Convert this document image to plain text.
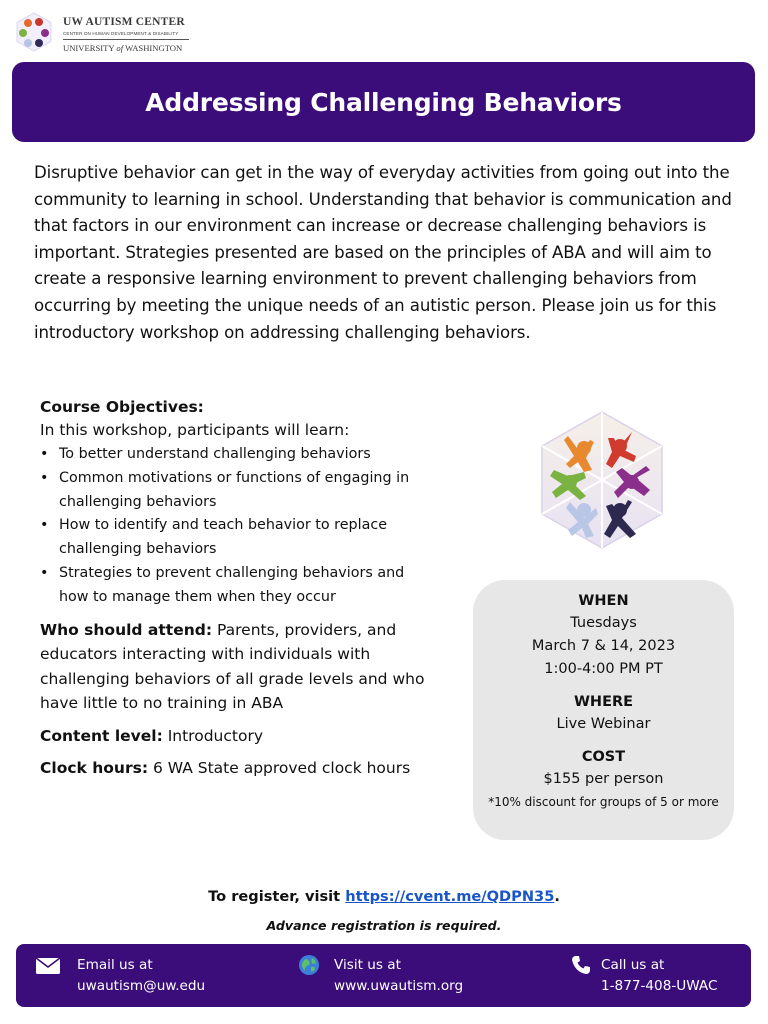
UW AUTISM CENTER
CENTER ON HUMAN DEVELOPMENT & DISABILITY
UNIVERSITY of WASHINGTON
Addressing Challenging Behaviors
Disruptive behavior can get in the way of everyday activities from going out into the community to learning in school. Understanding that behavior is communication and that factors in our environment can increase or decrease challenging behaviors is important. Strategies presented are based on the principles of ABA and will aim to create a responsive learning environment to prevent challenging behaviors from occurring by meeting the unique needs of an autistic person. Please join us for this introductory workshop on addressing challenging behaviors.
Course Objectives:
In this workshop, participants will learn:
• To better understand challenging behaviors
• Common motivations or functions of engaging in challenging behaviors
• How to identify and teach behavior to replace challenging behaviors
• Strategies to prevent challenging behaviors and how to manage them when they occur

Who should attend: Parents, providers, and educators interacting with individuals with challenging behaviors of all grade levels and who have little to no training in ABA

Content level: Introductory

Clock hours: 6 WA State approved clock hours

WHEN
Tuesdays
March 7 & 14, 2023
1:00-4:00 PM PT
WHERE
Live Webinar
COST
$155 per person
*10% discount for groups of 5 or more
To register, visit https://cvent.me/QDPN35.
Advance registration is required.
Email us at
uwautism@uw.edu
Visit us at
www.uwautism.org
Call us at
1-877-408-UWAC
